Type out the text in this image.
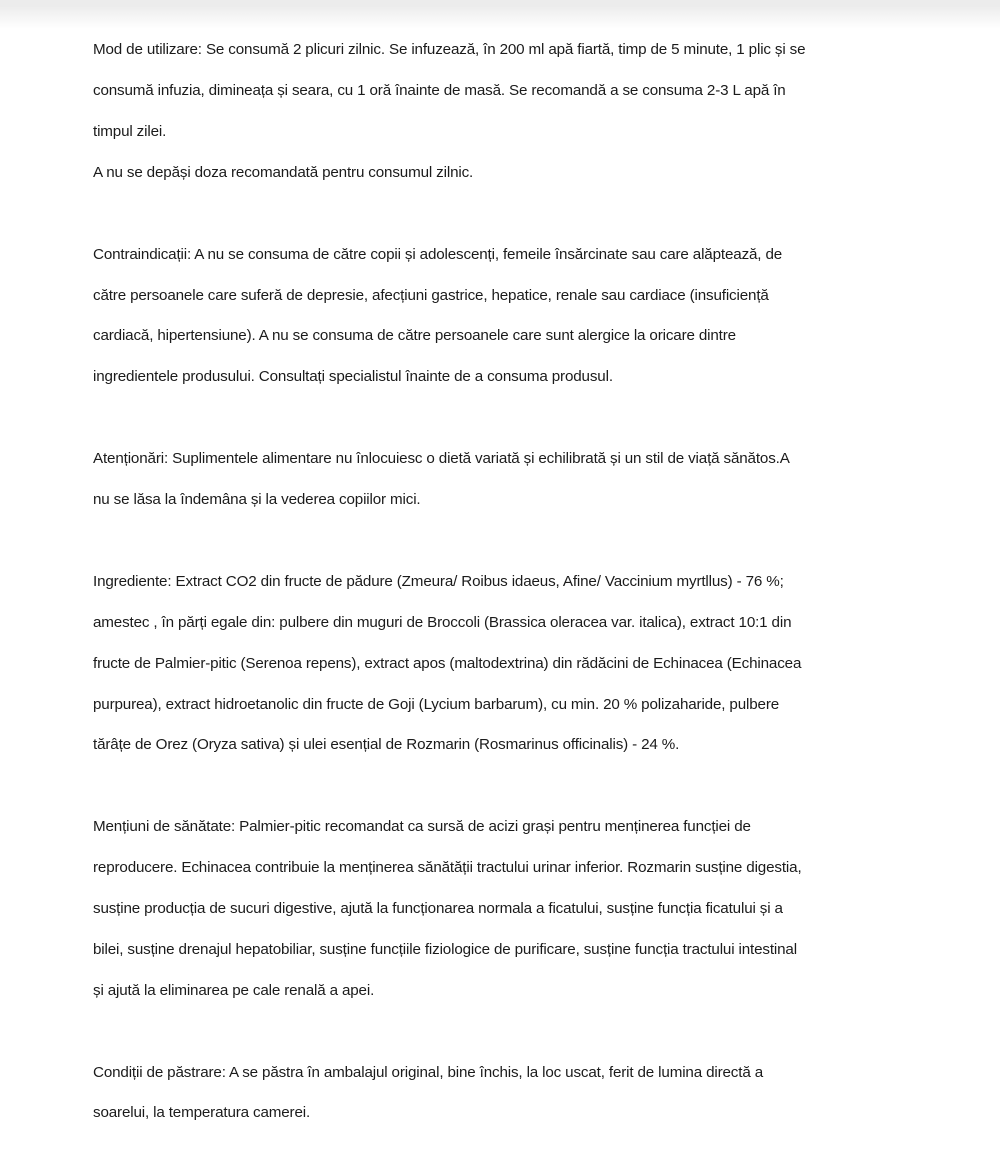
Mod de utilizare: Se consumă 2 plicuri zilnic. Se infuzează, în 200 ml apă fiartă, timp de 5 minute, 1 plic și se

consumă infuzia, dimineața și seara, cu 1 oră înainte de masă. Se recomandă a se consuma 2-3 L apă în

timpul zilei.

A nu se depăși doza recomandată pentru consumul zilnic.

Contraindicații: A nu se consuma de către copii și adolescenți, femeile însărcinate sau care alăptează, de

către persoanele care suferă de depresie, afecțiuni gastrice, hepatice, renale sau cardiace (insuficiență

cardiacă, hipertensiune). A nu se consuma de către persoanele care sunt alergice la oricare dintre

ingredientele produsului. Consultați specialistul înainte de a consuma produsul.

Atenționări: Suplimentele alimentare nu înlocuiesc o dietă variată și echilibrată și un stil de viață sănătos.A

nu se lăsa la îndemâna și la vederea copiilor mici.

Ingrediente: Extract CO2 din fructe de pădure (Zmeura/ Roibus idaeus, Afine/ Vaccinium myrtllus) - 76 %;

amestec , în părți egale din: pulbere din muguri de Broccoli (Brassica oleracea var. italica), extract 10:1 din

fructe de Palmier-pitic (Serenoa repens), extract apos (maltodextrina) din rădăcini de Echinacea (Echinacea

purpurea), extract hidroetanolic din fructe de Goji (Lycium barbarum), cu min. 20 % polizaharide, pulbere

tărâțe de Orez (Oryza sativa) și ulei esențial de Rozmarin (Rosmarinus officinalis) - 24 %.

Mențiuni de sănătate: Palmier-pitic recomandat ca sursă de acizi grași pentru menținerea funcției de

reproducere. Echinacea contribuie la menținerea sănătății tractului urinar inferior. Rozmarin susține digestia,

susține producția de sucuri digestive, ajută la funcționarea normala a ficatului, susține funcția ficatului și a

bilei, susține drenajul hepatobiliar, susține funcțiile fiziologice de purificare, susține funcția tractului intestinal

și ajută la eliminarea pe cale renală a apei.

Condiții de păstrare: A se păstra în ambalajul original, bine închis, la loc uscat, ferit de lumina directă a

soarelui, la temperatura camerei.
